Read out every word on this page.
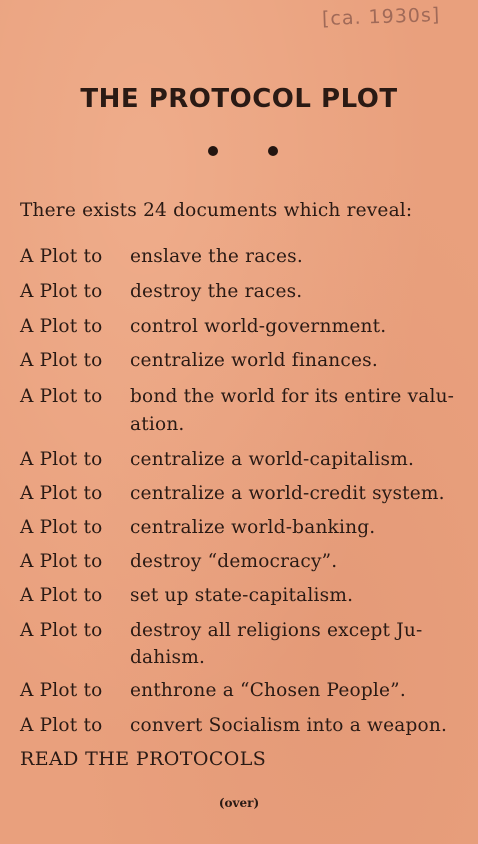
[ca. 1930s]
THE PROTOCOL PLOT
There exists 24 documents which reveal:
A Plot to enslave the races.
A Plot to destroy the races.
A Plot to control world-government.
A Plot to centralize world finances.
A Plot to bond the world for its entire valu-
ation.
A Plot to centralize a world-capitalism.
A Plot to centralize a world-credit system.
A Plot to centralize world-banking.
A Plot to destroy “democracy”.
A Plot to set up state-capitalism.
A Plot to destroy all religions except Ju-
dahism.
A Plot to enthrone a “Chosen People”.
A Plot to convert Socialism into a weapon.
READ THE PROTOCOLS
(over)
